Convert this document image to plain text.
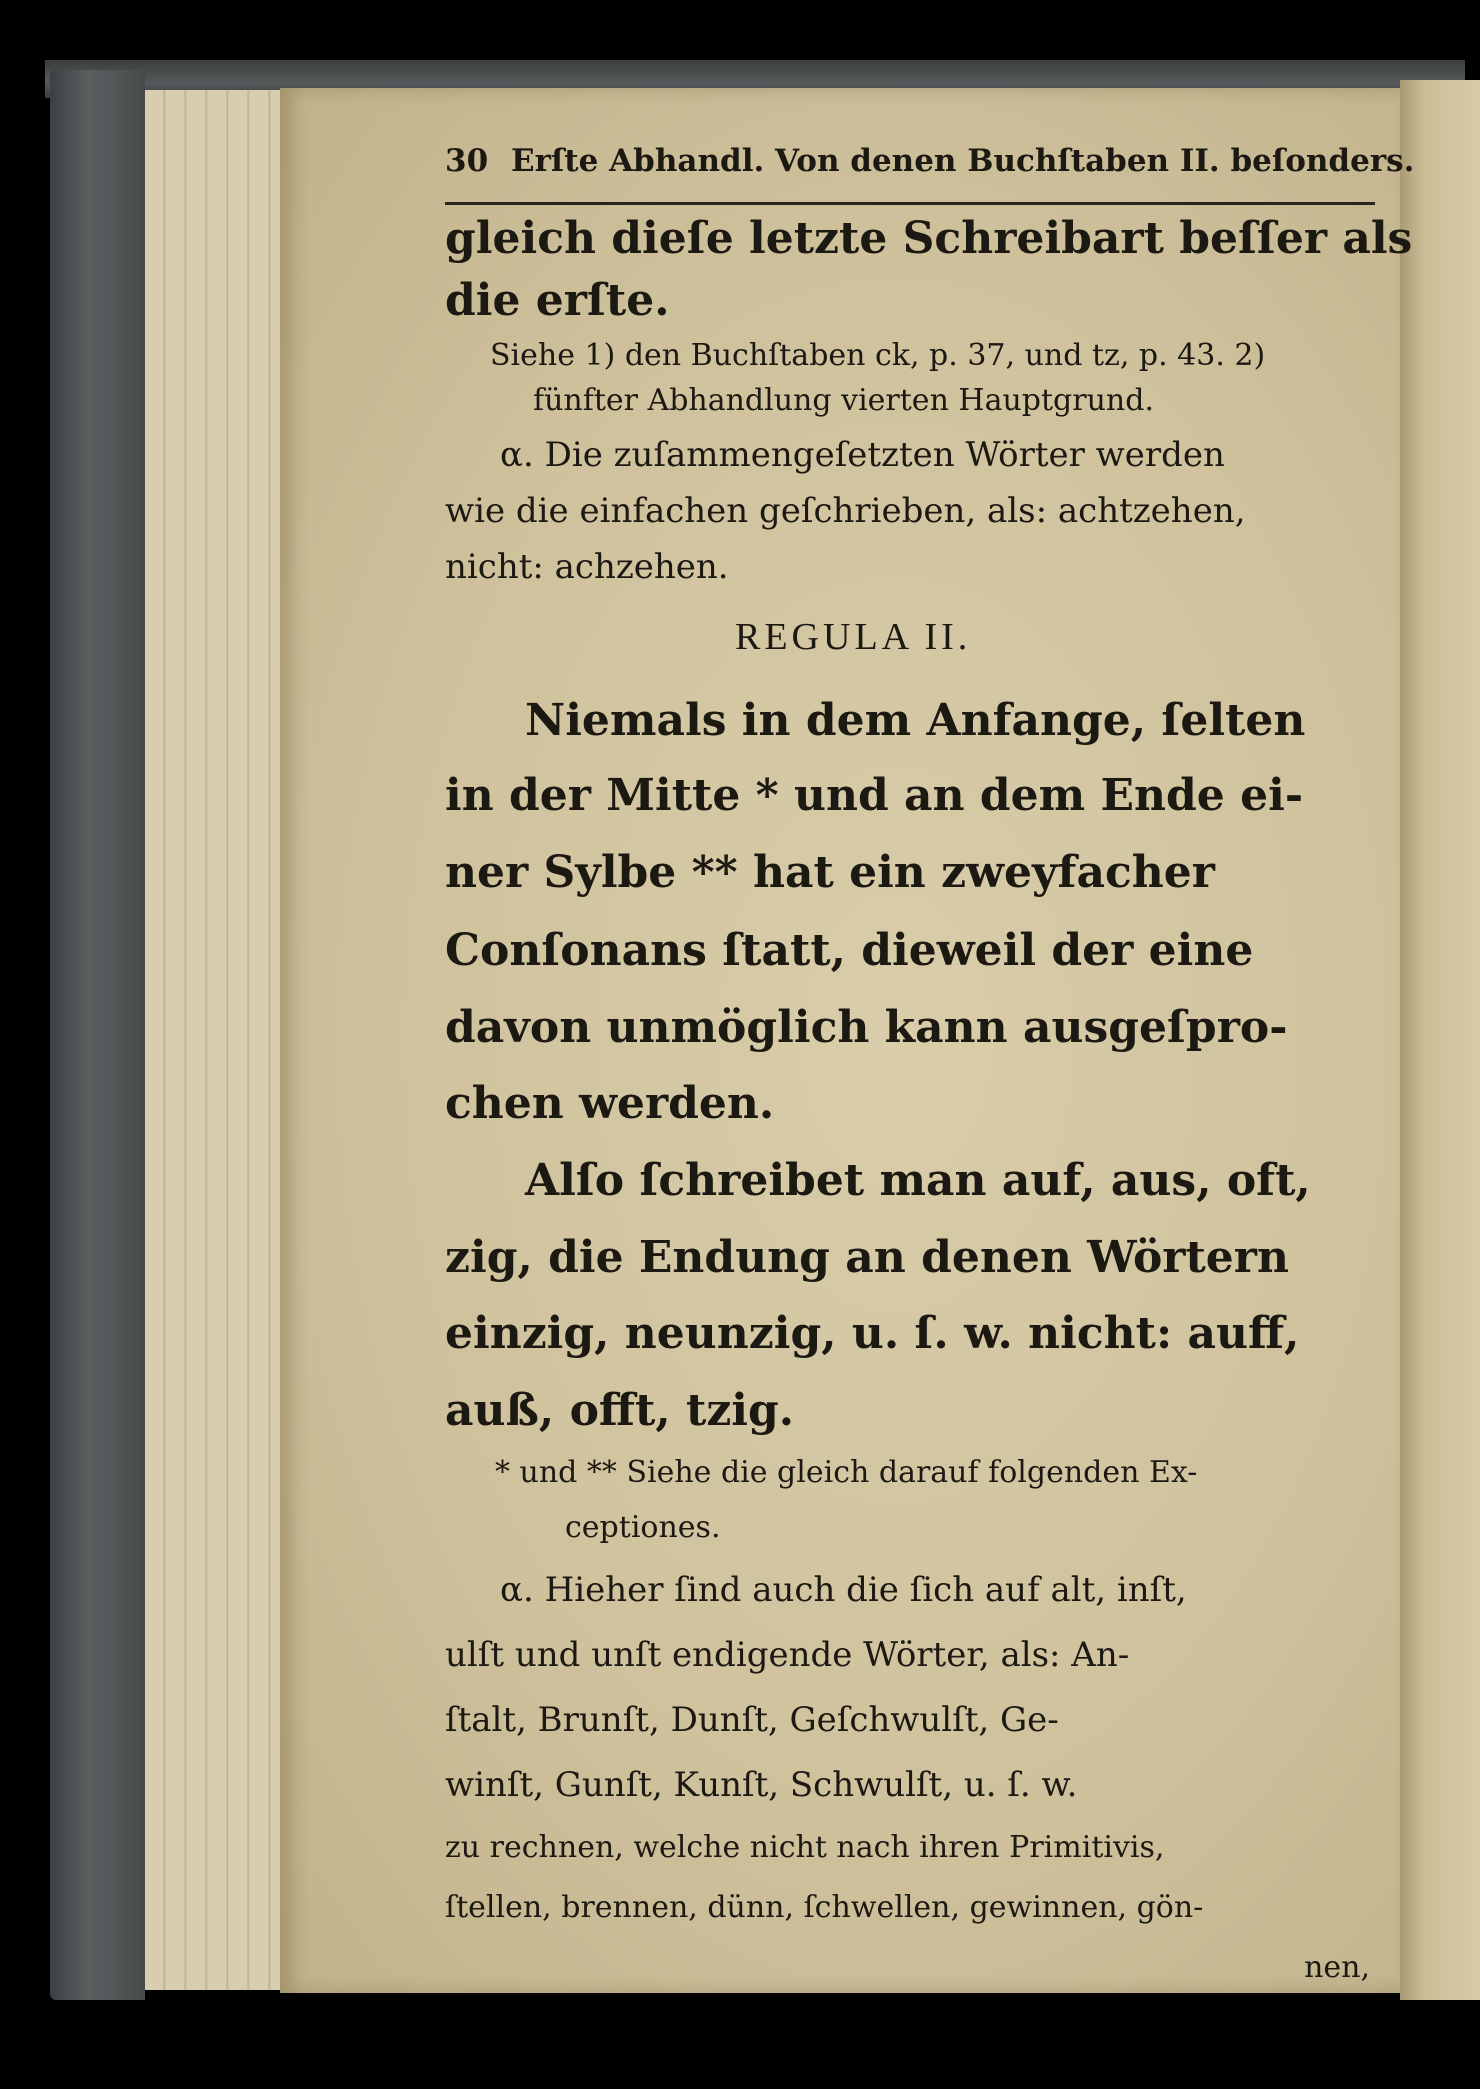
30 Erſte Abhandl. Von denen Buchſtaben II. beſonders.
gleich dieſe letzte Schreibart beſſer als
die erſte.
Siehe 1) den Buchſtaben ck, p. 37, und tz, p. 43. 2)
fünfter Abhandlung vierten Hauptgrund.
α. Die zuſammengeſetzten Wörter werden
wie die einfachen geſchrieben, als: achtzehen,
nicht: achzehen.
REGULA II.
Niemals in dem Anfange, ſelten
in der Mitte * und an dem Ende ei-
ner Sylbe ** hat ein zweyfacher
Conſonans ſtatt, dieweil der eine
davon unmöglich kann ausgeſpro-
chen werden.
Alſo ſchreibet man auf, aus, oft,
zig, die Endung an denen Wörtern
einzig, neunzig, u. ſ. w. nicht: auff,
auß, offt, tzig.
* und ** Siehe die gleich darauf folgenden Ex-
ceptiones.
α. Hieher ſind auch die ſich auf alt, inſt,
ulſt und unſt endigende Wörter, als: An-
ſtalt, Brunſt, Dunſt, Geſchwulſt, Ge-
winſt, Gunſt, Kunſt, Schwulſt, u. ſ. w.
zu rechnen, welche nicht nach ihren Primitivis,
ſtellen, brennen, dünn, ſchwellen, gewinnen, gön-
nen,
